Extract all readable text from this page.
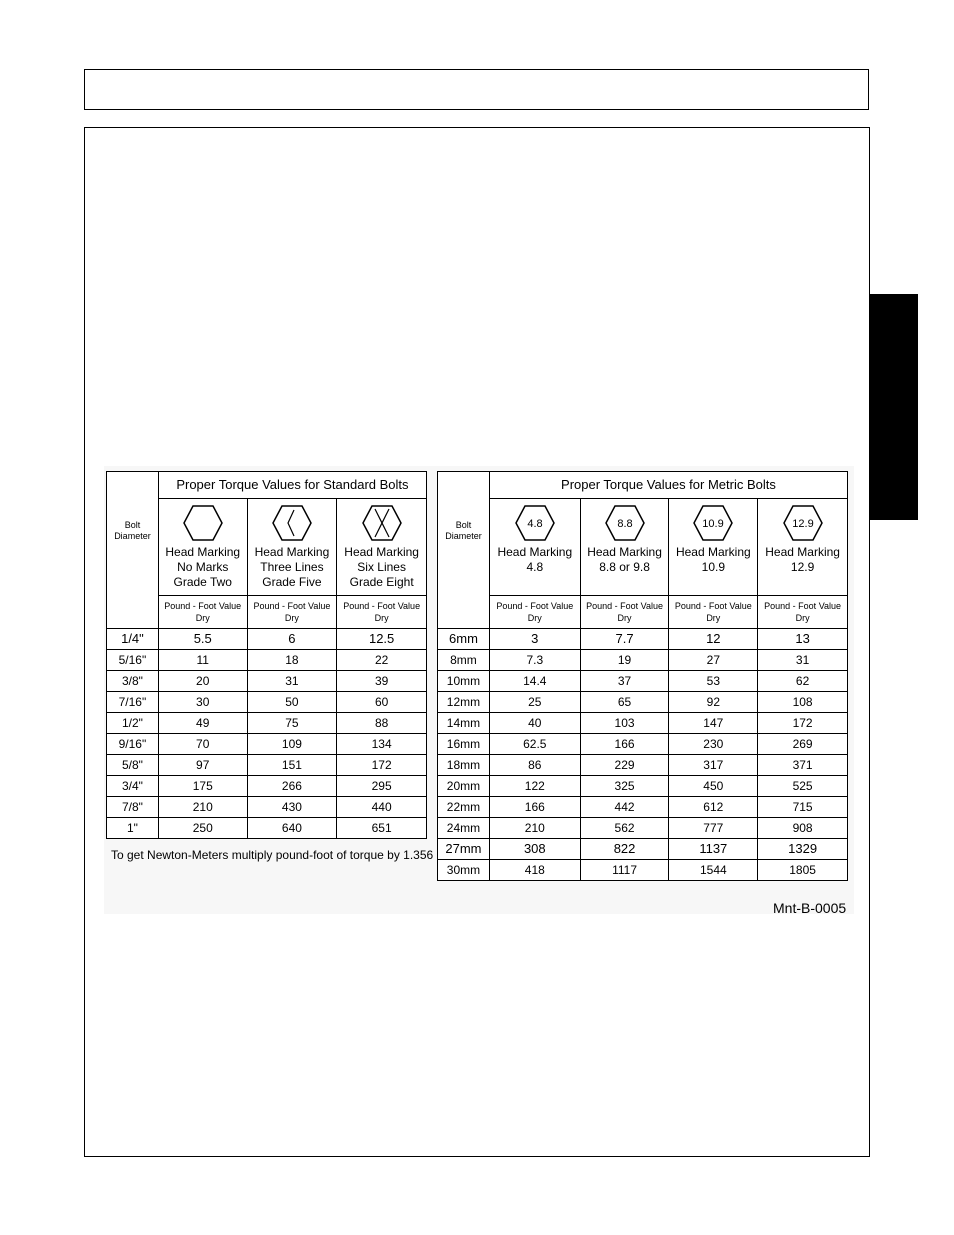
Bolt
Diameter	Proper Torque Values for Standard Bolts		

Head Marking
No Marks
Grade Two	Head Marking
Three Lines
Grade Five	Head Marking
Six Lines
Grade Eight
	Pound - Foot Value
Dry	Pound - Foot Value
Dry	Pound - Foot Value
Dry
1/4"	5.5	6	12.5
5/16"	11	18	22
3/8"	20	31	39
7/16"	30	50	60
1/2"	49	75	88
9/16"	70	109	134
5/8"	97	151	172
3/4"	175	266	295
7/8"	210	430	440
1"	250	640	651
Bolt
Diameter	Proper Torque Values for Metric Bolts			

4.8
Head Marking
4.8	8.8
Head Marking
8.8 or 9.8	10.9
Head Marking
10.9	12.9
Head Marking
12.9
	Pound - Foot Value
Dry	Pound - Foot Value
Dry	Pound - Foot Value
Dry	Pound - Foot Value
Dry
6mm	3	7.7	12	13
8mm	7.3	19	27	31
10mm	14.4	37	53	62
12mm	25	65	92	108
14mm	40	103	147	172
16mm	62.5	166	230	269
18mm	86	229	317	371
20mm	122	325	450	525
22mm	166	442	612	715
24mm	210	562	777	908
27mm	308	822	1137	1329
30mm	418	1117	1544	1805
To get Newton-Meters multiply pound-foot of torque by 1.356
Mnt-B-0005
